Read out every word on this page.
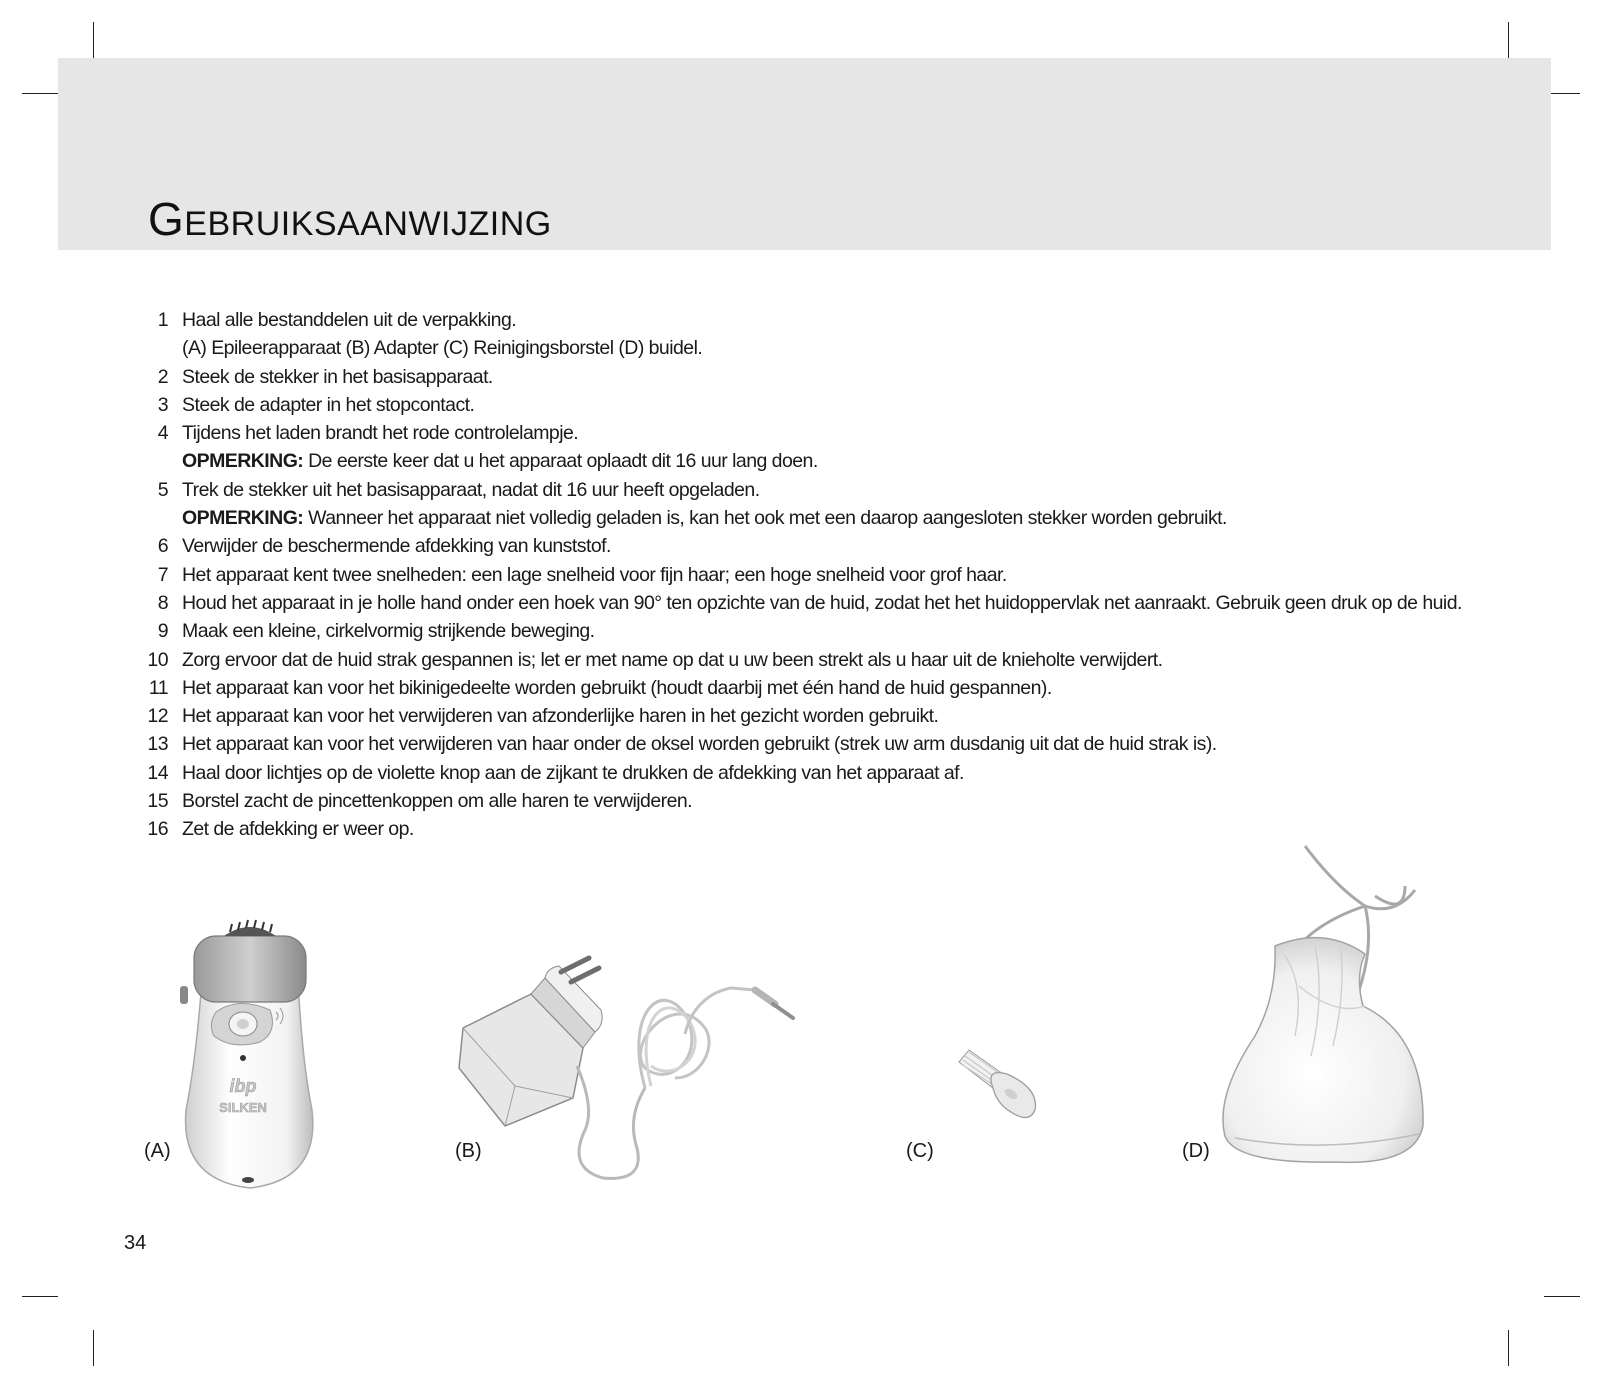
GEBRUIKSAANWIJZING
1 Haal alle bestanddelen uit de verpakking.
(A) Epileerapparaat (B) Adapter (C) Reinigingsborstel (D) buidel.
2 Steek de stekker in het basisapparaat.
3 Steek de adapter in het stopcontact.
4 Tijdens het laden brandt het rode controlelampje.
OPMERKING: De eerste keer dat u het apparaat oplaadt dit 16 uur lang doen.
5 Trek de stekker uit het basisapparaat, nadat dit 16 uur heeft opgeladen.
OPMERKING: Wanneer het apparaat niet volledig geladen is, kan het ook met een daarop aangesloten stekker worden gebruikt.
6 Verwijder de beschermende afdekking van kunststof.
7 Het apparaat kent twee snelheden: een lage snelheid voor fijn haar; een hoge snelheid voor grof haar.
8 Houd het apparaat in je holle hand onder een hoek van 90° ten opzichte van de huid, zodat het het huidoppervlak net aanraakt. Gebruik geen druk op de huid.
9 Maak een kleine, cirkelvormig strijkende beweging.
10 Zorg ervoor dat de huid strak gespannen is; let er met name op dat u uw been strekt als u haar uit de knieholte verwijdert.
11 Het apparaat kan voor het bikinigedeelte worden gebruikt (houdt daarbij met één hand de huid gespannen).
12 Het apparaat kan voor het verwijderen van afzonderlijke haren in het gezicht worden gebruikt.
13 Het apparaat kan voor het verwijderen van haar onder de oksel worden gebruikt (strek uw arm dusdanig uit dat de huid strak is).
14 Haal door lichtjes op de violette knop aan de zijkant te drukken de afdekking van het apparaat af.
15 Borstel zacht de pincettenkoppen om alle haren te verwijderen.
16 Zet de afdekking er weer op.
ibp
SILKEN
(A)	(B)	(C)	(D)
34
